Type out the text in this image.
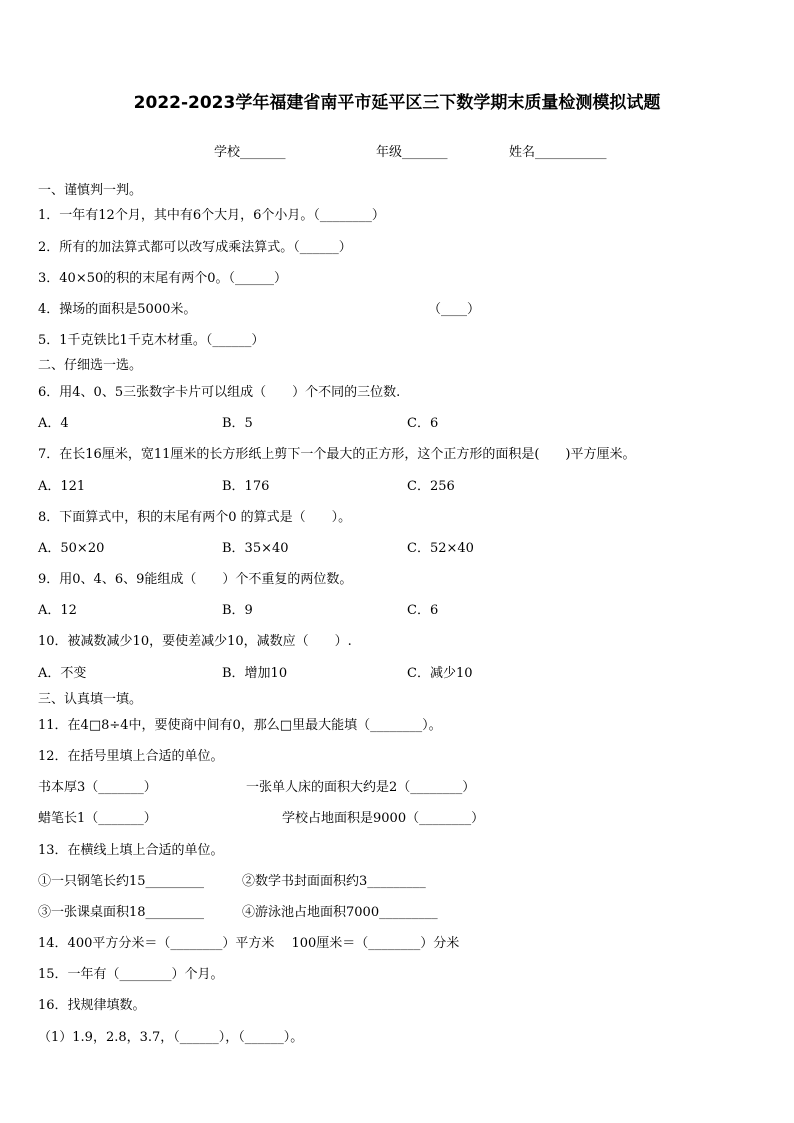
2022-2023学年福建省南平市延平区三下数学期末质量检测模拟试题
学校_______	年级_______	姓名___________
一、谨慎判一判。
1．一年有12个月，其中有6个大月，6个小月。（________）
2．所有的加法算式都可以改写成乘法算式。（______）
3．40×50的积的末尾有两个0。（______）
4．操场的面积是5000米。	（____）
5．1千克铁比1千克木材重。（______）
二、仔细选一选。
6．用4、0、5三张数字卡片可以组成（　　）个不同的三位数.
A．4	B．5	C．6
7．在长16厘米，宽11厘米的长方形纸上剪下一个最大的正方形，这个正方形的面积是(　　)平方厘米。
A．121	B．176	C．256
8．下面算式中，积的末尾有两个0 的算式是（　　）。
A．50×20	B．35×40	C．52×40
9．用0、4、6、9能组成（　　）个不重复的两位数。
A．12	B．9	C．6
10．被减数减少10，要使差减少10，减数应（　　）.
A．不变	B．增加10	C．减少10
三、认真填一填。
11．在4□8÷4中，要使商中间有0，那么□里最大能填（________）。
12．在括号里填上合适的单位。
书本厚3（_______）	一张单人床的面积大约是2（________）
蜡笔长1（_______）	学校占地面积是9000（________）
13．在横线上填上合适的单位。
①一只钢笔长约15_________	②数学书封面面积约3_________
③一张课桌面积18_________	④游泳池占地面积7000_________
14．400平方分米＝（________）平方米　 100厘米＝（________）分米
15．一年有（________）个月。
16．找规律填数。
（1）1.9，2.8，3.7，（______），（______）。
